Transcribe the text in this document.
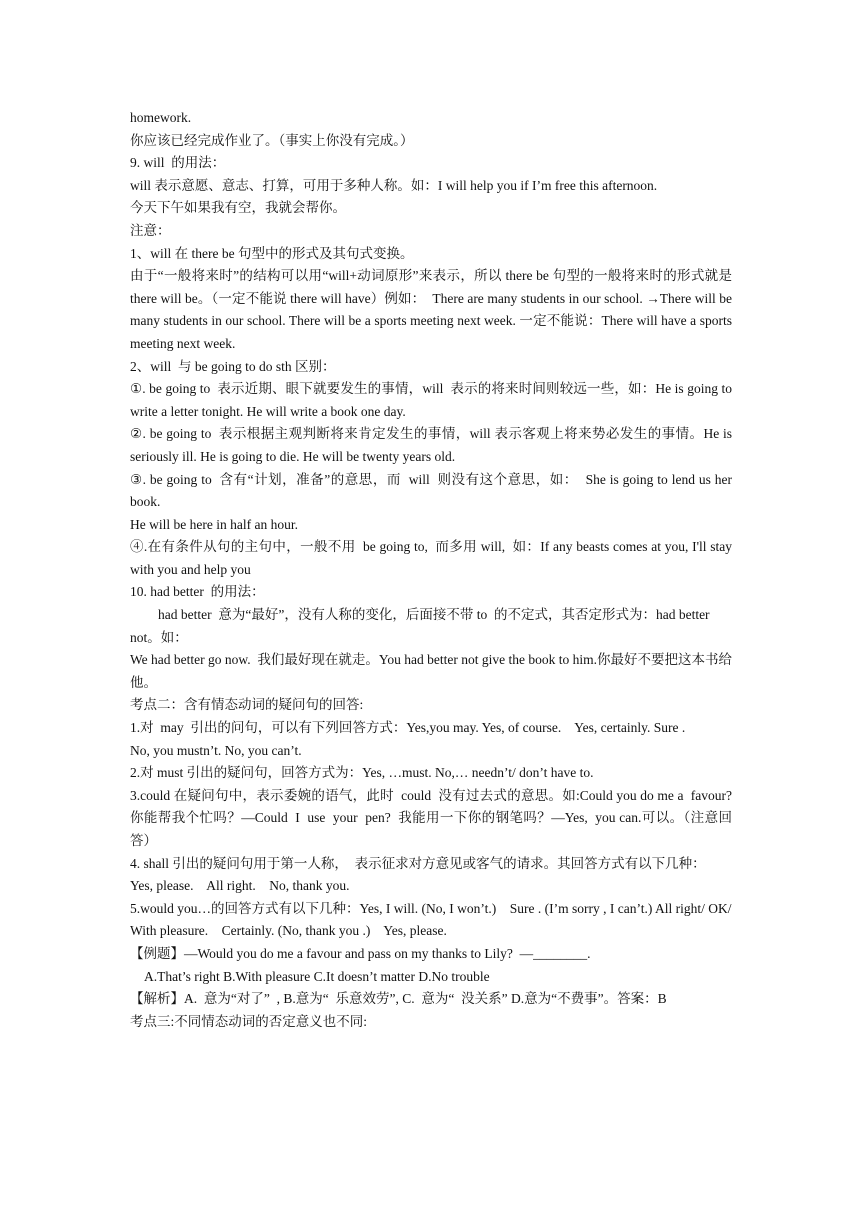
homework.

你应该已经完成作业了。（事实上你没有完成。）

9. will  的用法：

will 表示意愿、意志、打算，可用于多种人称。如：I will help you if I’m free this afternoon.

今天下午如果我有空，我就会帮你。

注意：

1、will 在 there be 句型中的形式及其句式变换。

由于“一般将来时”的结构可以用“will+动词原形”来表示，所以 there be 句型的一般将来时的形式就是 there will be。（一定不能说 there will have）例如：  There are many students in our school. →There will be many students in our school. There will be a sports meeting next week. 一定不能说：There will have a sports meeting next week.

2、will  与 be going to do sth 区别：

①. be going to  表示近期、眼下就要发生的事情，will  表示的将来时间则较远一些，如：He is going to write a letter tonight. He will write a book one day.

②. be going to  表示根据主观判断将来肯定发生的事情，will 表示客观上将来势必发生的事情。He is seriously ill. He is going to die. He will be twenty years old.

③. be going to  含有“计划，准备”的意思，而  will  则没有这个意思，如：  She is going to lend us her book.

He will be here in half an hour.

④.在有条件从句的主句中，一般不用  be going to,  而多用 will,  如：If any beasts comes at you, I'll stay with you and help you

10. had better  的用法：

had better  意为“最好”，没有人称的变化，后面接不带 to  的不定式，其否定形式为：had better not。如：

We had better go now.  我们最好现在就走。You had better not give the book to him.你最好不要把这本书给他。

考点二：含有情态动词的疑问句的回答:

1.对  may  引出的问句，可以有下列回答方式：Yes,you may. Yes, of course.    Yes, certainly. Sure .

No, you mustn’t. No, you can’t.

2.对 must 引出的疑问句，回答方式为：Yes, …must. No,… needn’t/ don’t have to.

3.could 在疑问句中，表示委婉的语气，此时  could  没有过去式的意思。如:Could you do me a  favour?  你能帮我个忙吗？—Could  I  use  your  pen?  我能用一下你的钢笔吗？—Yes,  you can.可以。（注意回答）

4. shall 引出的疑问句用于第一人称，  表示征求对方意见或客气的请求。其回答方式有以下几种：

Yes, please.    All right.    No, thank you.

5.would you…的回答方式有以下几种：Yes, I will. (No, I won’t.)    Sure . (I’m sorry , I can’t.) All right/ OK/ With pleasure.    Certainly. (No, thank you .)    Yes, please.

【例题】—Would you do me a favour and pass on my thanks to Lily?  —________.

A.That’s right B.With pleasure C.It doesn’t matter D.No trouble

【解析】A.  意为“对了”  , B.意为“  乐意效劳”, C.  意为“  没关系” D.意为“不费事”。答案：B

考点三:不同情态动词的否定意义也不同:
